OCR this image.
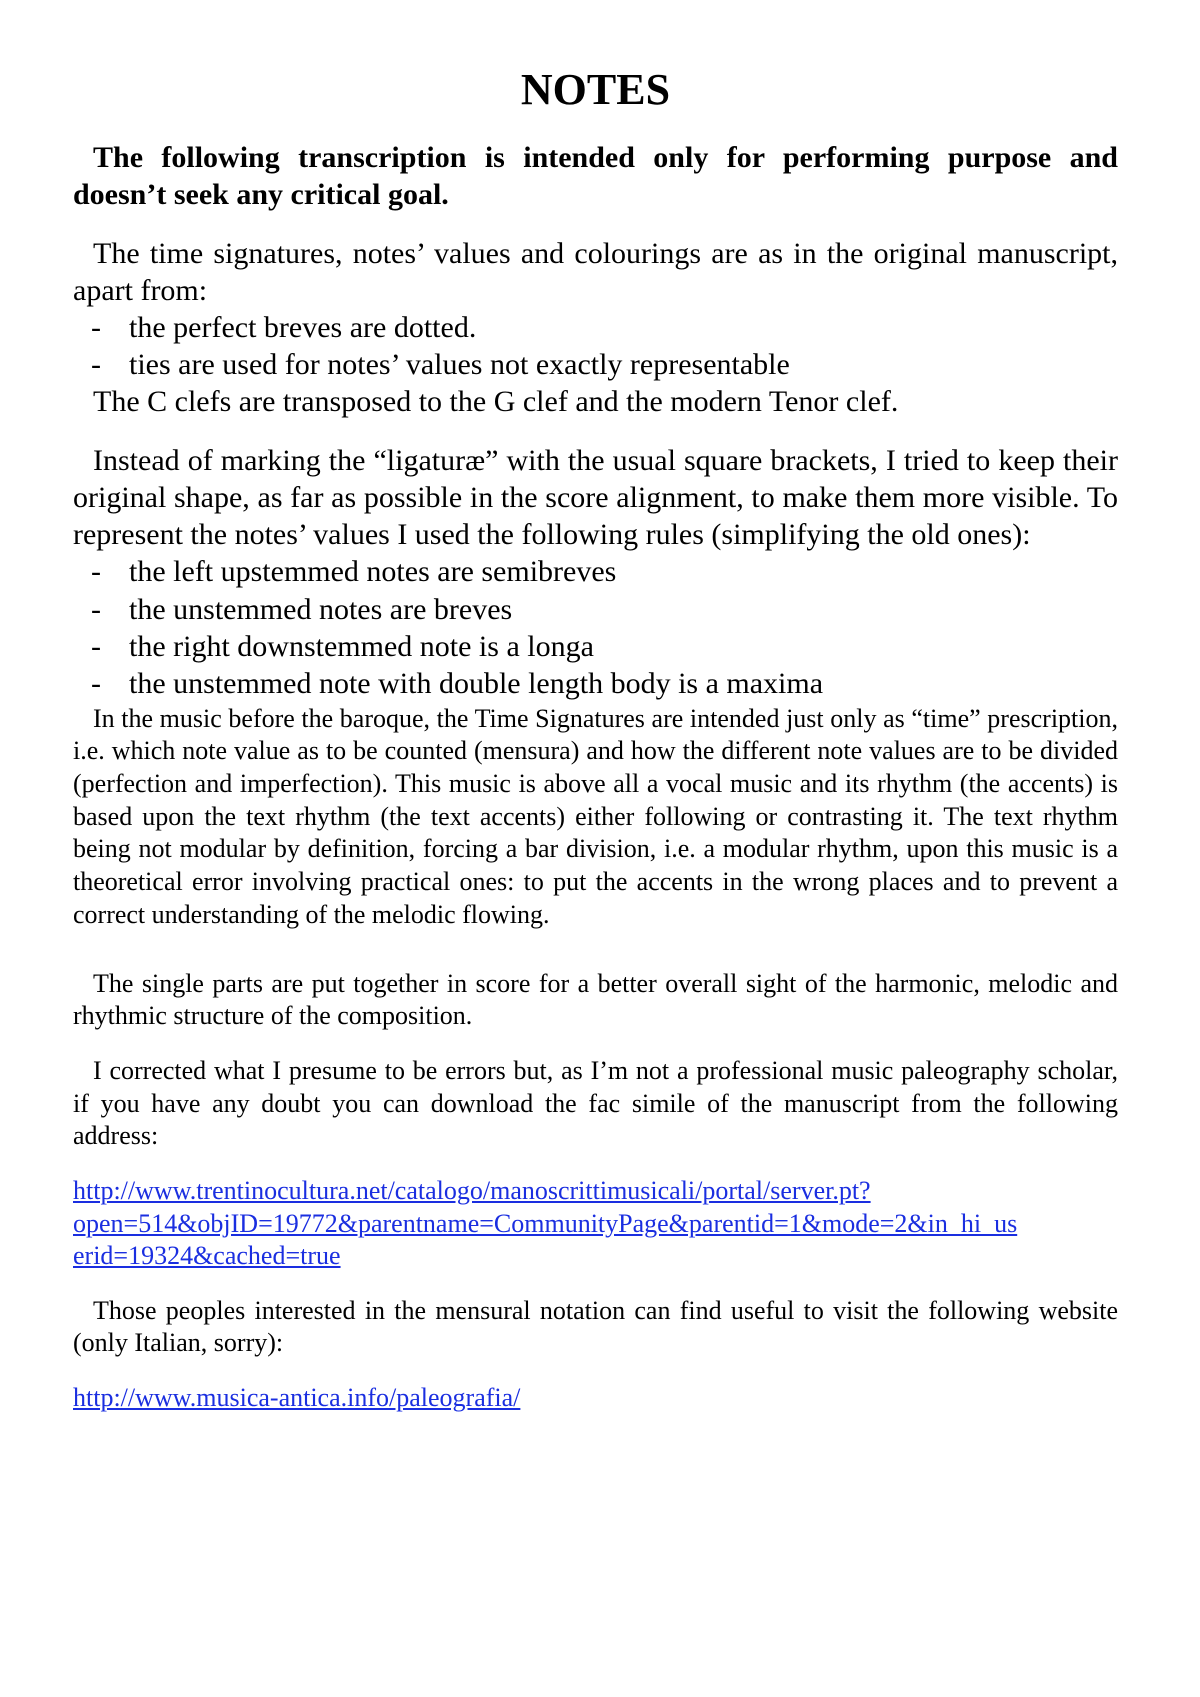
NOTES

The following transcription is intended only for performing purpose and doesn’t seek any critical goal.

The time signatures, notes’ values and colourings are as in the original manuscript, apart from:

- the perfect breves are dotted.
- ties are used for notes’ values not exactly representable

The C clefs are transposed to the G clef and the modern Tenor clef.

Instead of marking the “ligaturæ” with the usual square brackets, I tried to keep their original shape, as far as possible in the score alignment, to make them more visible. To represent the notes’ values I used the following rules (simplifying the old ones):

- the left upstemmed notes are semibreves
- the unstemmed notes are breves
- the right downstemmed note is a longa
- the unstemmed note with double length body is a maxima

In the music before the baroque, the Time Signatures are intended just only as “time” prescription, i.e. which note value as to be counted (mensura) and how the different note values are to be divided (perfection and imperfection). This music is above all a vocal music and its rhythm (the accents) is based upon the text rhythm (the text accents) either following or contrasting it. The text rhythm being not modular by definition, forcing a bar division, i.e. a modular rhythm, upon this music is a theoretical error involving practical ones: to put the accents in the wrong places and to prevent a correct understanding of the melodic flowing.

The single parts are put together in score for a better overall sight of the harmonic, melodic and rhythmic structure of the composition.

I corrected what I presume to be errors but, as I’m not a professional music paleography scholar, if you have any doubt you can download the fac simile of the manuscript from the following address:

http://www.trentinocultura.net/catalogo/manoscrittimusicali/portal/server.pt?
open=514&objID=19772&parentname=CommunityPage&parentid=1&mode=2&in_hi_us
erid=19324&cached=true

Those peoples interested in the mensural notation can find useful to visit the following website (only Italian, sorry):

http://www.musica-antica.info/paleografia/
